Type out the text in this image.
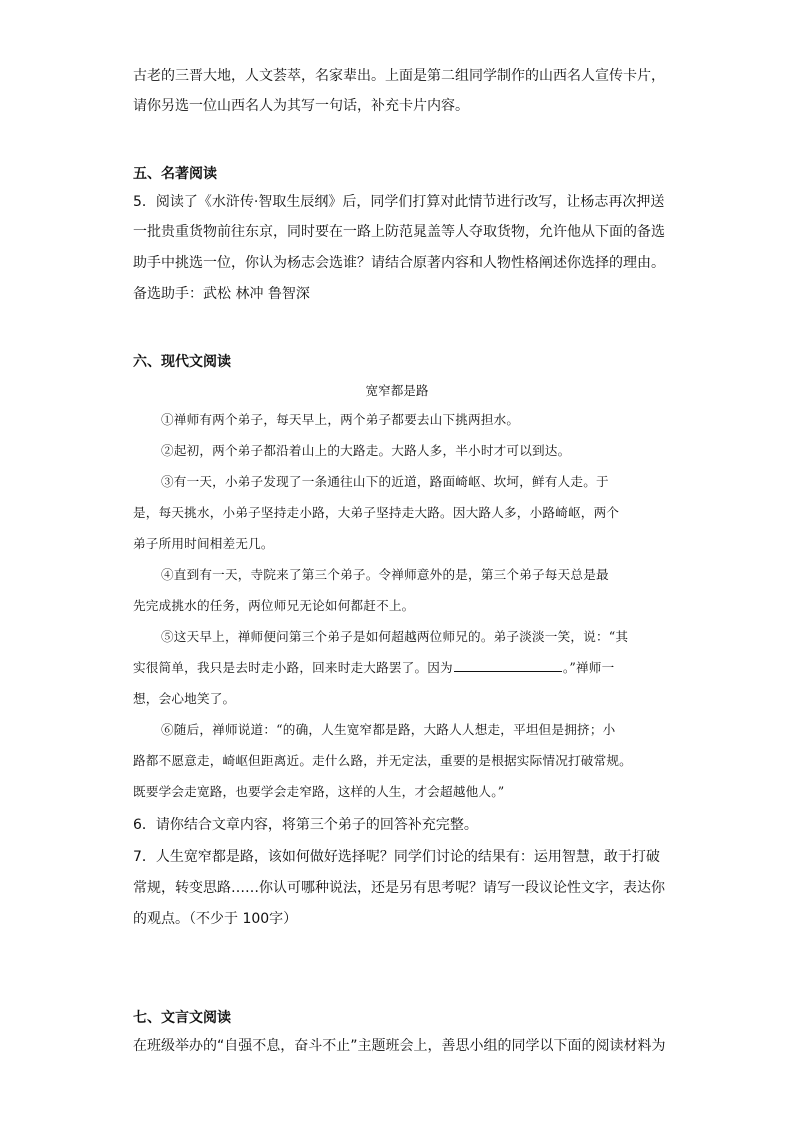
古老的三晋大地，人文荟萃，名家辈出。上面是第二组同学制作的山西名人宣传卡片，
请你另选一位山西名人为其写一句话，补充卡片内容。
五、名著阅读
5．阅读了《水浒传·智取生辰纲》后，同学们打算对此情节进行改写，让杨志再次押送
一批贵重货物前往东京，同时要在一路上防范晁盖等人夺取货物，允许他从下面的备选
助手中挑选一位，你认为杨志会选谁？请结合原著内容和人物性格阐述你选择的理由。
备选助手：武松 林冲 鲁智深
六、现代文阅读
宽窄都是路
①禅师有两个弟子，每天早上，两个弟子都要去山下挑两担水。
②起初，两个弟子都沿着山上的大路走。大路人多，半小时才可以到达。
③有一天，小弟子发现了一条通往山下的近道，路面崎岖、坎坷，鲜有人走。于
是，每天挑水，小弟子坚持走小路，大弟子坚持走大路。因大路人多，小路崎岖，两个
弟子所用时间相差无几。
④直到有一天，寺院来了第三个弟子。令禅师意外的是，第三个弟子每天总是最
先完成挑水的任务，两位师兄无论如何都赶不上。
⑤这天早上，禅师便问第三个弟子是如何超越两位师兄的。弟子淡淡一笑，说：“其
实很简单，我只是去时走小路，回来时走大路罢了。因为	。”禅师一
想，会心地笑了。
⑥随后，禅师说道：“的确，人生宽窄都是路，大路人人想走，平坦但是拥挤；小
路都不愿意走，崎岖但距离近。走什么路，并无定法，重要的是根据实际情况打破常规。
既要学会走宽路，也要学会走窄路，这样的人生，才会超越他人。”
6．请你结合文章内容，将第三个弟子的回答补充完整。
7．人生宽窄都是路，该如何做好选择呢？同学们讨论的结果有：运用智慧，敢于打破
常规，转变思路……你认可哪种说法，还是另有思考呢？请写一段议论性文字，表达你
的观点。（不少于 100字）
七、文言文阅读
在班级举办的“自强不息，奋斗不止”主题班会上，善思小组的同学以下面的阅读材料为
